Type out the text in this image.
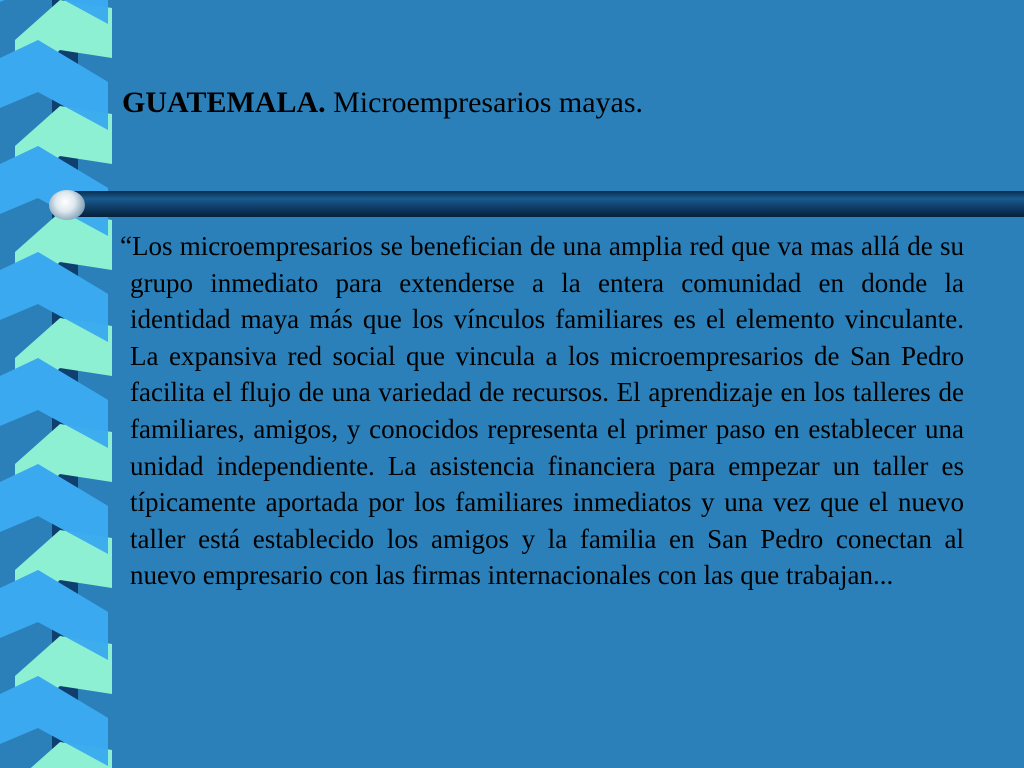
GUATEMALA. Microempresarios mayas.

“Los microempresarios se benefician de una amplia red que va mas allá de su grupo inmediato para extenderse a la entera comunidad en donde la identidad maya más que los vínculos familiares es el elemento vinculante. La expansiva red social que vincula a los microempresarios de San Pedro facilita el flujo de una variedad de recursos. El aprendizaje en los talleres de familiares, amigos, y conocidos representa el primer paso en establecer una unidad independiente. La asistencia financiera para empezar un taller es típicamente aportada por los familiares inmediatos y una vez que el nuevo taller está establecido los amigos y la familia en San Pedro conectan al nuevo empresario con las firmas internacionales con las que trabajan...
